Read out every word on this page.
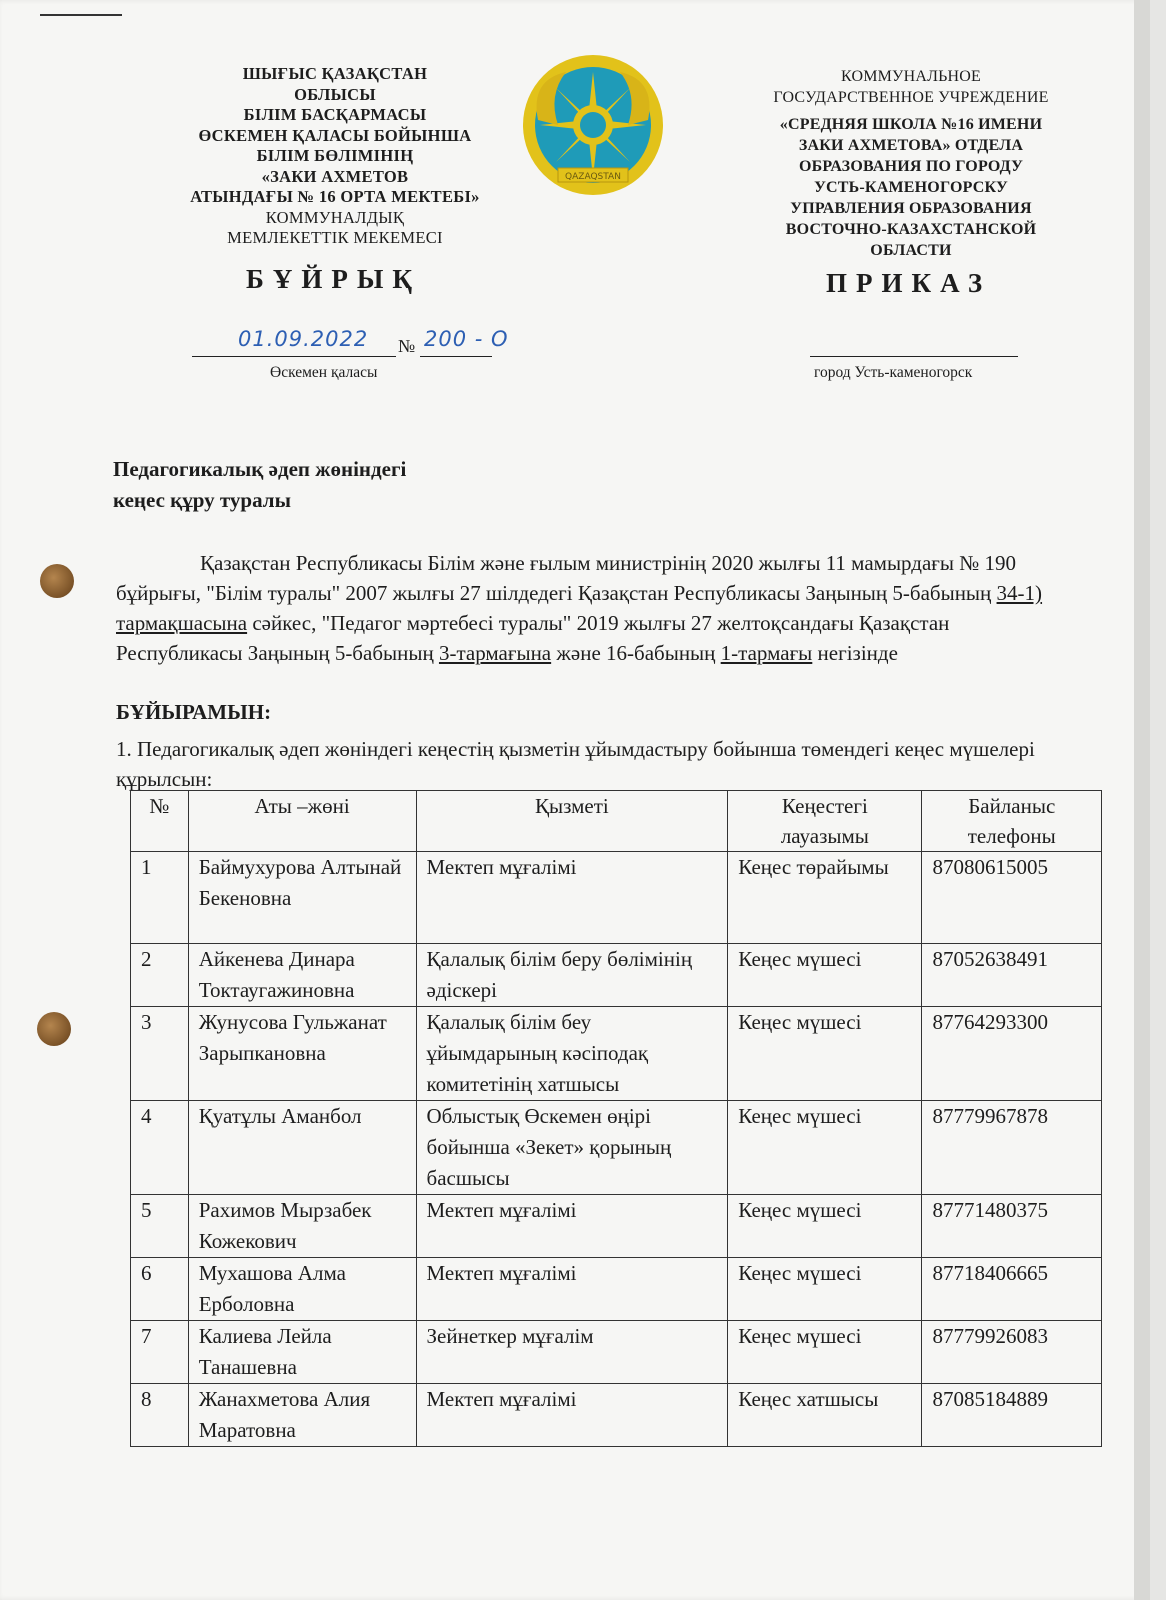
ШЫҒЫС ҚАЗАҚСТАН
ОБЛЫСЫ
БІЛІМ БАСҚАРМАСЫ
ӨСКЕМЕН ҚАЛАСЫ БОЙЫНША
БІЛІМ БӨЛІМІНІҢ
«ЗАКИ АХМЕТОВ
АТЫНДАҒЫ № 16 ОРТА МЕКТЕБІ»
КОММУНАЛДЫҚ
МЕМЛЕКЕТТІК МЕКЕМЕСІ
БҰЙРЫҚ
QAZAQSTAN
КОММУНАЛЬНОЕ
ГОСУДАРСТВЕННОЕ УЧРЕЖДЕНИЕ
«СРЕДНЯЯ ШКОЛА №16 ИМЕНИ
ЗАКИ АХМЕТОВА» ОТДЕЛА
ОБРАЗОВАНИЯ ПО ГОРОДУ
УСТЬ-КАМЕНОГОРСКУ
УПРАВЛЕНИЯ ОБРАЗОВАНИЯ
ВОСТОЧНО-КАЗАХСТАНСКОЙ
ОБЛАСТИ
ПРИКАЗ
01.09.2022 № 200 - О
Өскемен қаласы	город Усть-каменогорск
Педагогикалық әдеп жөніндегі
кеңес құру туралы
Қазақстан Республикасы Білім және ғылым министрінің 2020 жылғы 11 мамырдағы № 190 бұйрығы, "Білім туралы" 2007 жылғы 27 шілдедегі Қазақстан Республикасы Заңының 5-бабының 34-1) тармақшасына сәйкес, "Педагог мәртебесі туралы" 2019 жылғы 27 желтоқсандағы Қазақстан Республикасы Заңының 5-бабының 3-тармағына және 16-бабының 1-тармағы негізінде
БҰЙЫРАМЫН:
1. Педагогикалық әдеп жөніндегі кеңестің қызметін ұйымдастыру бойынша төмендегі кеңес мүшелері құрылсын:
№	Аты –жөні	Қызметі	Кеңестегі лауазымы	Байланыс телефоны
1	Баймухурова Алтынай Бекеновна	Мектеп мұғалімі	Кеңес төрайымы	87080615005
2	Айкенева Динара Токтаугажиновна	Қалалық білім беру бөлімінің әдіскері	Кеңес мүшесі	87052638491
3	Жунусова Гульжанат Зарыпкановна	Қалалық білім беу ұйымдарының кәсіподақ комитетінің хатшысы	Кеңес мүшесі	87764293300
4	Қуатұлы Аманбол	Облыстық Өскемен өңірі бойынша «Зекет» қорының басшысы	Кеңес мүшесі	87779967878
5	Рахимов Мырзабек Кожекович	Мектеп мұғалімі	Кеңес мүшесі	87771480375
6	Мухашова Алма Ерболовна	Мектеп мұғалімі	Кеңес мүшесі	87718406665
7	Калиева Лейла Танашевна	Зейнеткер мұғалім	Кеңес мүшесі	87779926083
8	Жанахметова Алия Маратовна	Мектеп мұғалімі	Кеңес хатшысы	87085184889
